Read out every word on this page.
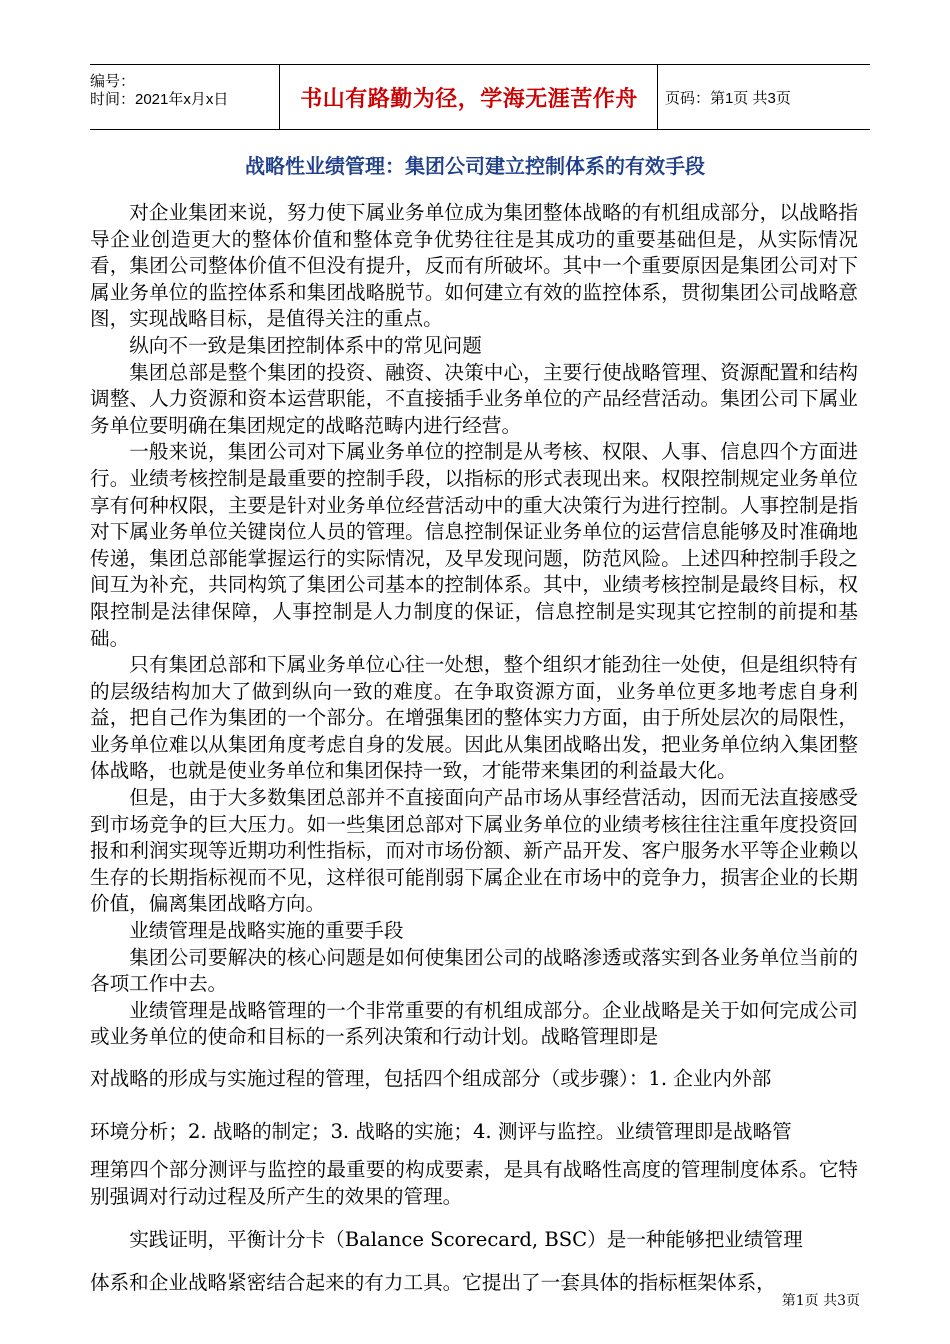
编号：
时间：2021年x月x日	书山有路勤为径，学海无涯苦作舟	页码：第1页 共3页
战略性业绩管理：集团公司建立控制体系的有效手段

对企业集团来说，努力使下属业务单位成为集团整体战略的有机组成部分，以战略指导企业创造更大的整体价值和整体竞争优势往往是其成功的重要基础但是，从实际情况看，集团公司整体价值不但没有提升，反而有所破坏。其中一个重要原因是集团公司对下属业务单位的监控体系和集团战略脱节。如何建立有效的监控体系，贯彻集团公司战略意图，实现战略目标，是值得关注的重点。

纵向不一致是集团控制体系中的常见问题

集团总部是整个集团的投资、融资、决策中心，主要行使战略管理、资源配置和结构调整、人力资源和资本运营职能，不直接插手业务单位的产品经营活动。集团公司下属业务单位要明确在集团规定的战略范畴内进行经营。

一般来说，集团公司对下属业务单位的控制是从考核、权限、人事、信息四个方面进行。业绩考核控制是最重要的控制手段，以指标的形式表现出来。权限控制规定业务单位享有何种权限，主要是针对业务单位经营活动中的重大决策行为进行控制。人事控制是指对下属业务单位关键岗位人员的管理。信息控制保证业务单位的运营信息能够及时准确地传递，集团总部能掌握运行的实际情况，及早发现问题，防范风险。上述四种控制手段之间互为补充，共同构筑了集团公司基本的控制体系。其中，业绩考核控制是最终目标，权限控制是法律保障，人事控制是人力制度的保证，信息控制是实现其它控制的前提和基础。

只有集团总部和下属业务单位心往一处想，整个组织才能劲往一处使，但是组织特有的层级结构加大了做到纵向一致的难度。在争取资源方面，业务单位更多地考虑自身利益，把自己作为集团的一个部分。在增强集团的整体实力方面，由于所处层次的局限性，业务单位难以从集团角度考虑自身的发展。因此从集团战略出发，把业务单位纳入集团整体战略，也就是使业务单位和集团保持一致，才能带来集团的利益最大化。

但是，由于大多数集团总部并不直接面向产品市场从事经营活动，因而无法直接感受到市场竞争的巨大压力。如一些集团总部对下属业务单位的业绩考核往往注重年度投资回报和利润实现等近期功利性指标，而对市场份额、新产品开发、客户服务水平等企业赖以生存的长期指标视而不见，这样很可能削弱下属企业在市场中的竞争力，损害企业的长期价值，偏离集团战略方向。

业绩管理是战略实施的重要手段

集团公司要解决的核心问题是如何使集团公司的战略渗透或落实到各业务单位当前的各项工作中去。

业绩管理是战略管理的一个非常重要的有机组成部分。企业战略是关于如何完成公司或业务单位的使命和目标的一系列决策和行动计划。战略管理即是

对战略的形成与实施过程的管理，包括四个组成部分（或步骤）：1. 企业内外部

环境分析；2. 战略的制定；3. 战略的实施；4. 测评与监控。业绩管理即是战略管

理第四个部分测评与监控的最重要的构成要素，是具有战略性高度的管理制度体系。它特别强调对行动过程及所产生的效果的管理。

实践证明，平衡计分卡（Balance Scorecard, BSC）是一种能够把业绩管理

体系和企业战略紧密结合起来的有力工具。它提出了一套具体的指标框架体系，

第1页 共3页
